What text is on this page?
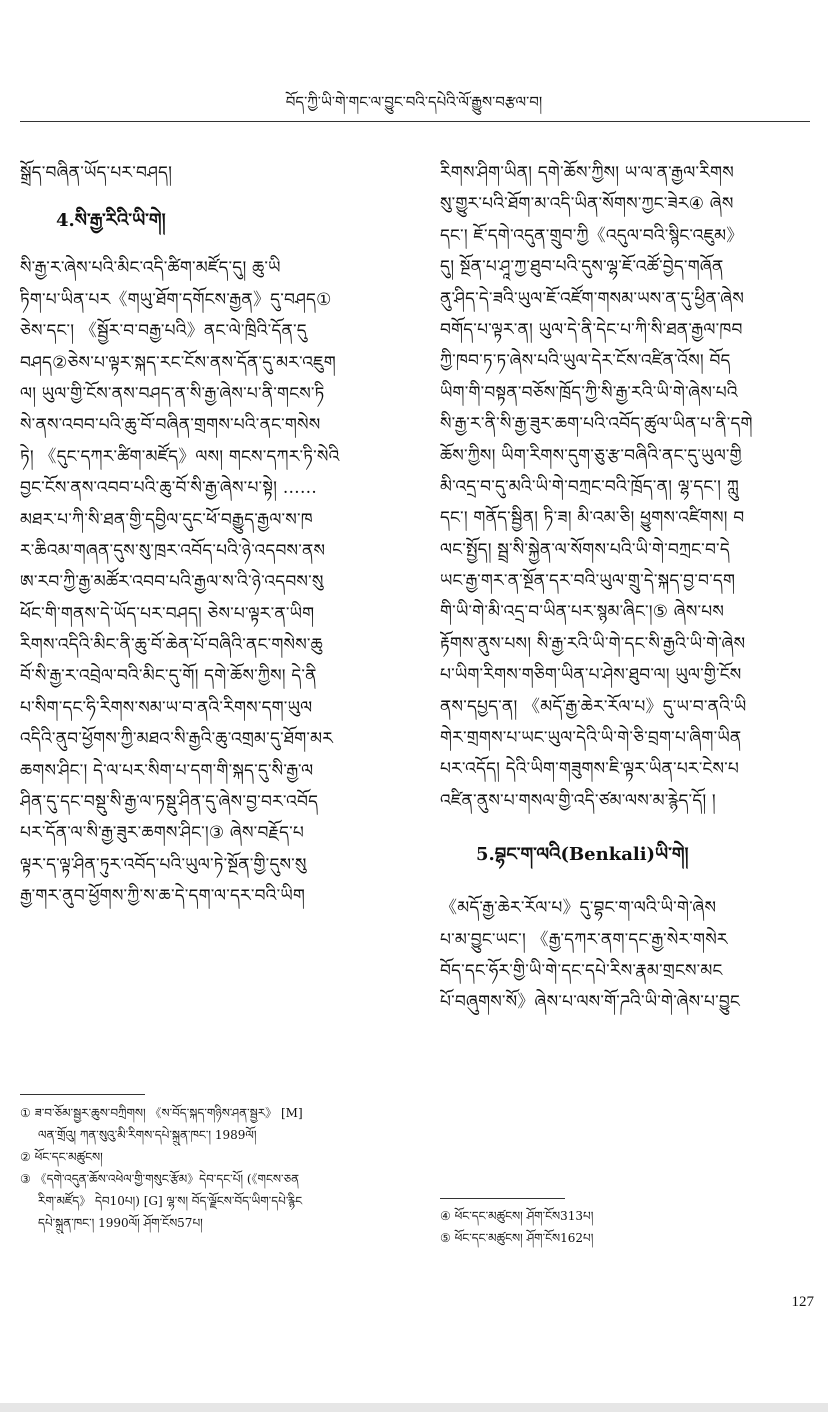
བོད་ཀྱི་ཡི་གེ་གང་ལ་བྱུང་བའི་དཔེའི་ལོ་རྒྱུས་བརྩལ་བ།
སྒྲོད་བཞིན་ཡོད་པར་བཤད།
4.སི་རྒྱ་རིའི་ཡི་གེ།
སི་རྒྱ་ར་ཞེས་པའི་མིང་འདི་ཚིག་མཛོད་དུ། ཆུ་ཡི
ཏིག་པ་ཡིན་པར《གཡུ་ཐོག་དགོངས་རྒྱན》དུ་བཤད①
ཅེས་དང་། 《སྦྱོར་བ་བརྒྱ་པའི》ནང་ལེ་ཁྲིའི་དོན་དུ
བཤད②ཅེས་པ་ལྟར་སྐད་རང་ངོས་ནས་དོན་དུ་མར་འཇུག
ལ། ཡུལ་གྱི་ངོས་ནས་བཤད་ན་སི་རྒྱ་ཞེས་པ་ནི་གངས་ཏི
སེ་ནས་འབབ་པའི་ཆུ་བོ་བཞིན་གྲགས་པའི་ནང་གསེས
ཏེ། 《དུང་དཀར་ཚིག་མཛོད》ལས། གངས་དཀར་ཏི་སེའི
བྱང་ངོས་ནས་འབབ་པའི་ཆུ་བོ་སི་རྒྱ་ཞེས་པ་སྟེ། ……
མཐར་པ་ཀི་སི་ཐན་གྱི་དབྱིལ་དུང་ཕོ་བརྒྱུད་རྒྱལ་ས་ཁ
ར་ཆིའམ་གཞན་དུས་སུ་ཁྲར་འབོད་པའི་ཉེ་འདབས་ནས
ཨ་རབ་ཀྱི་རྒྱ་མཚོར་འབབ་པའི་རྒྱལ་ས་འི་ཉེ་འདབས་སུ
ཕོང་གི་གནས་དེ་ཡོད་པར་བཤད། ཅེས་པ་ལྟར་ན་ཡིག
རིགས་འདིའི་མིང་ནི་ཆུ་བོ་ཆེན་པོ་བཞིའི་ནང་གསེས་ཆུ
བོ་སི་རྒྱ་ར་འབྲེལ་བའི་མིང་དུ་གོ། དགེ་ཆོས་ཀྱིས། དེ་ནི
པ་སིག་དང་ཧི་རིགས་སམ་ཡ་བ་ནའི་རིགས་དག་ཡུལ
འདིའི་ནུབ་ཕྱོགས་ཀྱི་མཐའ་སི་རྒྱའི་ཆུ་འགྲམ་དུ་ཐོག་མར
ཆགས་ཤིང་། དེ་ལ་པར་སིག་པ་དག་གི་སྐད་དུ་སི་རྒྱ་ལ
ཤིན་དུ་དང་བསྡུ་སི་རྒྱ་ལ་ཏསྡུ་ཤིན་དུ་ཞེས་བྱ་བར་འབོད
པར་དོན་ལ་སི་རྒྱ་ཟུར་ཆགས་ཤིང་།③ ཞེས་བརྗོད་པ
ལྟར་ད་ལྟ་ཤིན་ཏུར་འབོད་པའི་ཡུལ་ཏེ་སྔོན་གྱི་དུས་སུ
རྒྱ་གར་ནུབ་ཕྱོགས་ཀྱི་ས་ཆ་དེ་དག་ལ་དར་བའི་ཡིག
རིགས་ཤིག་ཡིན། དགེ་ཆོས་ཀྱིས། ཡ་ལ་ན་རྒྱལ་རིགས
སུ་གྱུར་པའི་ཐོག་མ་འདི་ཡིན་སོགས་ཀྱང་ཟེར④ ཞེས
དང་། ཇོ་དགེ་འདུན་གྲུབ་ཀྱི《འདུལ་བའི་སྙིང་འཇུམ》
དུ། སྔོན་པ་ཤཱ་ཀྱ་ཐུབ་པའི་དུས་ལྷ་ཇོ་འཚོ་བྱེད་གཞོན
ནུ་ཤིད་དེ་ཟའི་ཡུལ་ཇོ་འཛོག་གསམ་ཡས་ན་དུ་ཕྱིན་ཞེས
བགོད་པ་ལྟར་ན། ཡུལ་དེ་ནི་དེང་པ་ཀི་སི་ཐན་རྒྱལ་ཁབ
ཀྱི་ཁབ་ཏ་ཏ་ཞེས་པའི་ཡུལ་དེར་ངོས་འཛིན་འོས། བོད
ཡིག་གི་བསྟན་བཅོས་ཁྲོད་ཀྱི་སི་རྒྱ་རའི་ཡི་གེ་ཞེས་པའི
སི་རྒྱ་ར་ནི་སི་རྒྱ་ཟུར་ཆག་པའི་འབོད་ཚུལ་ཡིན་པ་ནི་དགེ
ཆོས་ཀྱིས། ཡིག་རིགས་དུག་ཅུ་རྩ་བཞིའི་ནང་དུ་ཡུལ་གྱི
མི་འདྲ་བ་དུ་མའི་ཡི་གེ་བཀྲང་བའི་ཁྲོད་ན། ལྷ་དང་། ཀླུ
དང་། གནོད་སྦྱིན། ཏི་ཟ། མི་འམ་ཅི། ཕྱུགས་འཛིགས། བ
ལང་སྤྱོད། སྦྲ་སི་སྐྱེན་ལ་སོགས་པའི་ཡི་གེ་བཀྲང་བ་དེ
ཡང་རྒྱ་གར་ན་སྔོན་དར་བའི་ཡུལ་གྲུ་དེ་སྐད་བྱ་བ་དག
གི་ཡི་གེ་མི་འདྲ་བ་ཡིན་པར་སྙམ་ཞིང་།⑤ ཞེས་པས
རྟོགས་ནུས་པས། སི་རྒྱ་རའི་ཡི་གེ་དང་སི་རྒྱའི་ཡི་གེ་ཞེས
པ་ཡིག་རིགས་གཅིག་ཡིན་པ་ཤེས་ཐུབ་ལ། ཡུལ་གྱི་ངོས
ནས་དཔྱད་ན། 《མདོ་རྒྱ་ཆེར་རོལ་པ》དུ་ཡ་བ་ནའི་ཡི
གེར་གྲགས་པ་ཡང་ཡུལ་དེའི་ཡི་གེ་ཅི་བྲག་པ་ཞིག་ཡིན
པར་འདོད། དེའི་ཡིག་གཟུགས་ཇི་ལྟར་ཡིན་པར་ངེས་པ
འཛིན་ནུས་པ་གསལ་གྱི་འདི་ཙམ་ལས་མ་རྙེད་དོ། །
5.བྷང་ག་ལའི(Benkali)ཡི་གེ།
《མདོ་རྒྱ་ཆེར་རོལ་པ》དུ་བྷང་ག་ལའི་ཡི་གེ་ཞེས
པ་མ་བྱུང་ཡང་། 《རྒྱ་དཀར་ནག་དང་རྒྱ་སེར་གསེར
བོད་དང་ཧོར་གྱི་ཡི་གེ་དང་དཔེ་རིས་རྣམ་གྲངས་མང
པོ་བཞུགས་སོ》ཞེས་པ་ལས་གོ་ཌའི་ཡི་གེ་ཞེས་པ་བྱུང
① ཟ་བ་ཅོམ་སྦྱར་ཆུས་བཀྲིགས། 《ས་བོད་སྐད་གཉིས་ཤན་སྦྱར》 [M]
ལན་གྲོའུ། ཀན་སུའུ་མི་རིགས་དཔེ་སྐྲུན་ཁང་། 1989ལོ།
② ཕོང་དང་མཚུངས།
③ 《དགེ་འདུན་ཆོས་འཕེལ་གྱི་གསུང་རྩོམ》དེབ་དང་པོ། (《གངས་ཅན
རིག་མཛོད》 དེབ10པ།) [G] ལྷ་ས། བོད་ལྗོངས་བོད་ཡིག་དཔེ་རྙིང
དཔེ་སྐྲུན་ཁང་། 1990ལོ། ཤོག་ངོས57པ།	④ ཕོང་དང་མཚུངས། ཤོག་ངོས313པ།
⑤ ཕོང་དང་མཚུངས། ཤོག་ངོས162པ།
127
